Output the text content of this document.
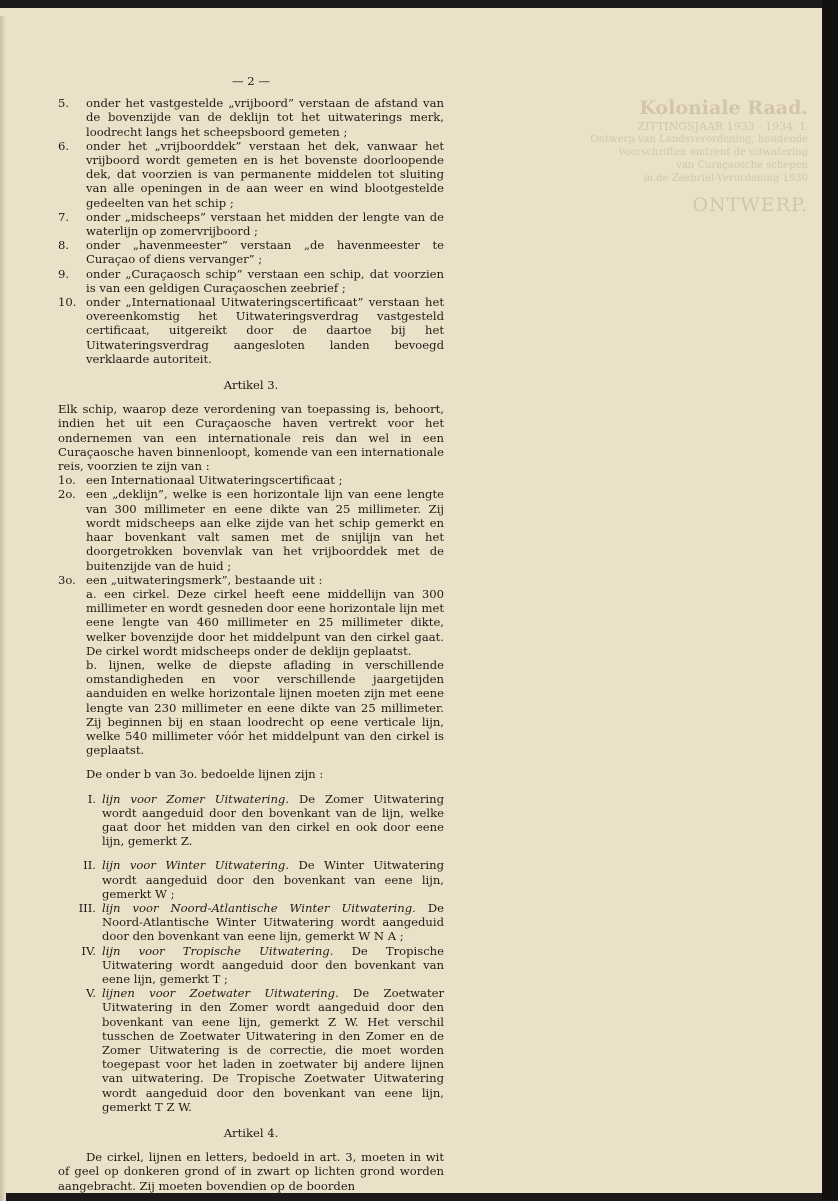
Koloniale Raad.
ZITTINGSJAAR 1933 · 1934. I.

Ontwerp van Landsverordening, houdende

voorschriften omtrent de uitwatering

van Curaçaosche schepen

in de Zeebrief-Verordening 1930

ONTWERP.
— 2 —
5.	onder het vastgestelde „vrijboord” verstaan de afstand van de bovenzijde van de deklijn tot het uitwaterings merk, loodrecht langs het scheepsboord gemeten ;
6.	onder het „vrijboorddek” verstaan het dek, vanwaar het vrijboord wordt gemeten en is het bovenste doorloopende dek, dat voorzien is van permanente middelen tot sluiting van alle openingen in de aan weer en wind blootgestelde gedeelten van het schip ;
7.	onder „midscheeps” verstaan het midden der lengte van de waterlijn op zomervrijboord ;
8.	onder „havenmeester” verstaan „de havenmeester te Curaçao of diens vervanger” ;
9.	onder „Curaçaosch schip” verstaan een schip, dat voorzien is van een geldigen Curaçaoschen zeebrief ;
10. onder „Internationaal Uitwateringscertificaat” verstaan het overeenkomstig het Uitwateringsverdrag vastgesteld certificaat, uitgereikt door de daartoe bij het Uitwateringsverdrag aangesloten landen bevoegd verklaarde autoriteit.
Artikel 3.

Elk schip, waarop deze verordening van toepassing is, behoort, indien het uit een Curaçaosche haven vertrekt voor het ondernemen van een internationale reis dan wel in een Curaçaosche haven binnenloopt, komende van een internationale reis, voorzien te zijn van :

1o. een Internationaal Uitwateringscertificaat ;
2o. een „deklijn”, welke is een horizontale lijn van eene lengte van 300 millimeter en eene dikte van 25 millimeter. Zij wordt midscheeps aan elke zijde van het schip gemerkt en haar bovenkant valt samen met de snijlijn van het doorgetrokken bovenvlak van het vrijboorddek met de buitenzijde van de huid ;
3o. een „uitwateringsmerk”, bestaande uit :

a. een cirkel. Deze cirkel heeft eene middellijn van 300 millimeter en wordt gesneden door eene horizontale lijn met eene lengte van 460 millimeter en 25 millimeter dikte, welker bovenzijde door het middelpunt van den cirkel gaat. De cirkel wordt midscheeps onder de deklijn geplaatst.

b. lijnen, welke de diepste aflading in verschillende omstandigheden en voor verschillende jaargetijden aanduiden en welke horizontale lijnen moeten zijn met eene lengte van 230 millimeter en eene dikte van 25 millimeter. Zij beginnen bij en staan loodrecht op eene verticale lijn, welke 540 millimeter vóór het middelpunt van den cirkel is geplaatst.

De onder b van 3o. bedoelde lijnen zijn :

I. lijn voor Zomer Uitwatering. De Zomer Uitwatering wordt aangeduid door den bovenkant van de lijn, welke gaat door het midden van den cirkel en ook door eene lijn, gemerkt Z.
II. lijn voor Winter Uitwatering. De Winter Uitwatering wordt aangeduid door den bovenkant van eene lijn, gemerkt W ;
III. lijn voor Noord-Atlantische Winter Uitwatering. De Noord-Atlantische Winter Uitwatering wordt aangeduid door den bovenkant van eene lijn, gemerkt W N A ;
IV. lijn voor Tropische Uitwatering. De Tropische Uitwatering wordt aangeduid door den bovenkant van eene lijn, gemerkt T ;
V. lijnen voor Zoetwater Uitwatering. De Zoetwater Uitwatering in den Zomer wordt aangeduid door den bovenkant van eene lijn, gemerkt Z W. Het verschil tusschen de Zoetwater Uitwatering in den Zomer en de Zomer Uitwatering is de correctie, die moet worden toegepast voor het laden in zoetwater bij andere lijnen van uitwatering. De Tropische Zoetwater Uitwatering wordt aangeduid door den bovenkant van eene lijn, gemerkt T Z W.
Artikel 4.

De cirkel, lijnen en letters, bedoeld in art. 3, moeten in wit of geel op donkeren grond of in zwart op lichten grond worden aangebracht. Zij moeten bovendien op de boorden
